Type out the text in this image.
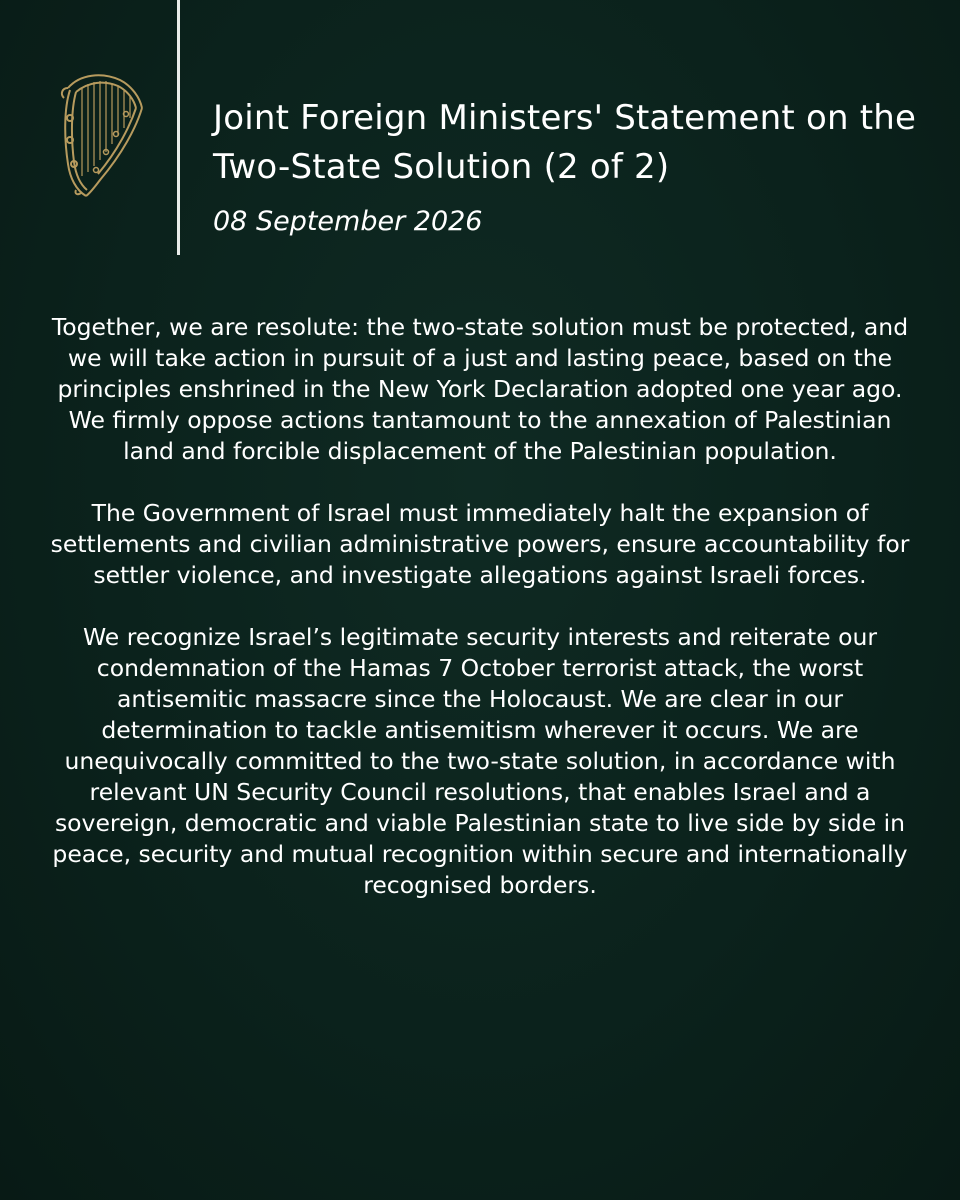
Joint Foreign Ministers' Statement on the Two-State Solution (2 of 2)

08 September 2026

Together, we are resolute: the two-state solution must be protected, and we will take action in pursuit of a just and lasting peace, based on the principles enshrined in the New York Declaration adopted one year ago. We firmly oppose actions tantamount to the annexation of Palestinian land and forcible displacement of the Palestinian population.

The Government of Israel must immediately halt the expansion of settlements and civilian administrative powers, ensure accountability for settler violence, and investigate allegations against Israeli forces.

We recognize Israel’s legitimate security interests and reiterate our condemnation of the Hamas 7 October terrorist attack, the worst antisemitic massacre since the Holocaust. We are clear in our determination to tackle antisemitism wherever it occurs. We are unequivocally committed to the two-state solution, in accordance with relevant UN Security Council resolutions, that enables Israel and a sovereign, democratic and viable Palestinian state to live side by side in peace, security and mutual recognition within secure and internationally recognised borders.
